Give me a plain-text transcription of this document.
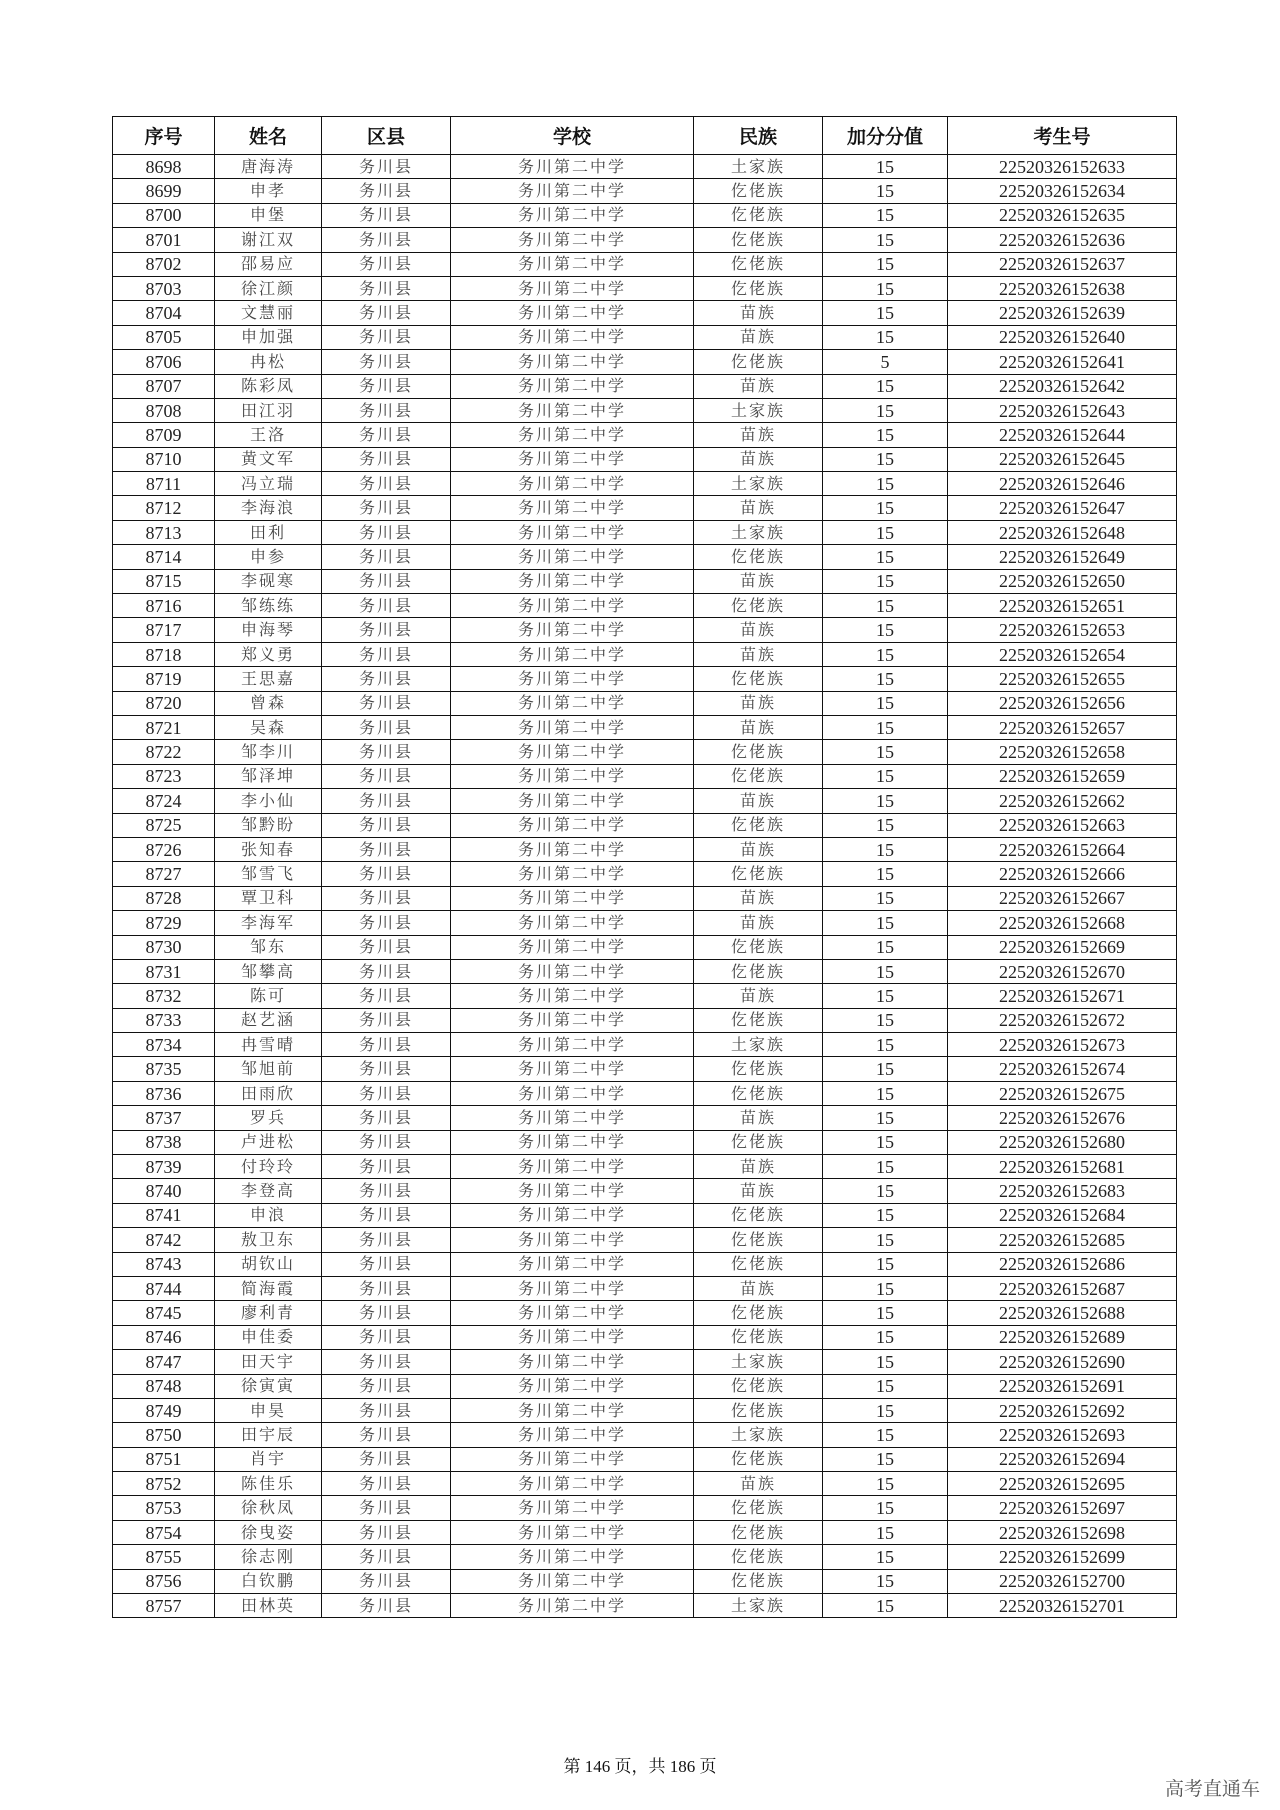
序号	姓名	区县	学校	民族	加分分值	考生号
8698	唐海涛	务川县	务川第二中学	土家族	15	22520326152633
8699	申孝	务川县	务川第二中学	仡佬族	15	22520326152634
8700	申堡	务川县	务川第二中学	仡佬族	15	22520326152635
8701	谢江双	务川县	务川第二中学	仡佬族	15	22520326152636
8702	邵易应	务川县	务川第二中学	仡佬族	15	22520326152637
8703	徐江颜	务川县	务川第二中学	仡佬族	15	22520326152638
8704	文慧丽	务川县	务川第二中学	苗族	15	22520326152639
8705	申加强	务川县	务川第二中学	苗族	15	22520326152640
8706	冉松	务川县	务川第二中学	仡佬族	5	22520326152641
8707	陈彩凤	务川县	务川第二中学	苗族	15	22520326152642
8708	田江羽	务川县	务川第二中学	土家族	15	22520326152643
8709	王洛	务川县	务川第二中学	苗族	15	22520326152644
8710	黄文军	务川县	务川第二中学	苗族	15	22520326152645
8711	冯立瑞	务川县	务川第二中学	土家族	15	22520326152646
8712	李海浪	务川县	务川第二中学	苗族	15	22520326152647
8713	田利	务川县	务川第二中学	土家族	15	22520326152648
8714	申参	务川县	务川第二中学	仡佬族	15	22520326152649
8715	李砚寒	务川县	务川第二中学	苗族	15	22520326152650
8716	邹练练	务川县	务川第二中学	仡佬族	15	22520326152651
8717	申海琴	务川县	务川第二中学	苗族	15	22520326152653
8718	郑义勇	务川县	务川第二中学	苗族	15	22520326152654
8719	王思嘉	务川县	务川第二中学	仡佬族	15	22520326152655
8720	曾森	务川县	务川第二中学	苗族	15	22520326152656
8721	吴森	务川县	务川第二中学	苗族	15	22520326152657
8722	邹李川	务川县	务川第二中学	仡佬族	15	22520326152658
8723	邹泽坤	务川县	务川第二中学	仡佬族	15	22520326152659
8724	李小仙	务川县	务川第二中学	苗族	15	22520326152662
8725	邹黔盼	务川县	务川第二中学	仡佬族	15	22520326152663
8726	张知春	务川县	务川第二中学	苗族	15	22520326152664
8727	邹雪飞	务川县	务川第二中学	仡佬族	15	22520326152666
8728	覃卫科	务川县	务川第二中学	苗族	15	22520326152667
8729	李海军	务川县	务川第二中学	苗族	15	22520326152668
8730	邹东	务川县	务川第二中学	仡佬族	15	22520326152669
8731	邹攀高	务川县	务川第二中学	仡佬族	15	22520326152670
8732	陈可	务川县	务川第二中学	苗族	15	22520326152671
8733	赵艺涵	务川县	务川第二中学	仡佬族	15	22520326152672
8734	冉雪晴	务川县	务川第二中学	土家族	15	22520326152673
8735	邹旭前	务川县	务川第二中学	仡佬族	15	22520326152674
8736	田雨欣	务川县	务川第二中学	仡佬族	15	22520326152675
8737	罗兵	务川县	务川第二中学	苗族	15	22520326152676
8738	卢进松	务川县	务川第二中学	仡佬族	15	22520326152680
8739	付玲玲	务川县	务川第二中学	苗族	15	22520326152681
8740	李登高	务川县	务川第二中学	苗族	15	22520326152683
8741	申浪	务川县	务川第二中学	仡佬族	15	22520326152684
8742	敖卫东	务川县	务川第二中学	仡佬族	15	22520326152685
8743	胡钦山	务川县	务川第二中学	仡佬族	15	22520326152686
8744	简海霞	务川县	务川第二中学	苗族	15	22520326152687
8745	廖利青	务川县	务川第二中学	仡佬族	15	22520326152688
8746	申佳委	务川县	务川第二中学	仡佬族	15	22520326152689
8747	田天宇	务川县	务川第二中学	土家族	15	22520326152690
8748	徐寅寅	务川县	务川第二中学	仡佬族	15	22520326152691
8749	申昊	务川县	务川第二中学	仡佬族	15	22520326152692
8750	田宇辰	务川县	务川第二中学	土家族	15	22520326152693
8751	肖宇	务川县	务川第二中学	仡佬族	15	22520326152694
8752	陈佳乐	务川县	务川第二中学	苗族	15	22520326152695
8753	徐秋凤	务川县	务川第二中学	仡佬族	15	22520326152697
8754	徐曳姿	务川县	务川第二中学	仡佬族	15	22520326152698
8755	徐志刚	务川县	务川第二中学	仡佬族	15	22520326152699
8756	白钦鹏	务川县	务川第二中学	仡佬族	15	22520326152700
8757	田林英	务川县	务川第二中学	土家族	15	22520326152701
第 146 页，共 186 页
高考直通车
